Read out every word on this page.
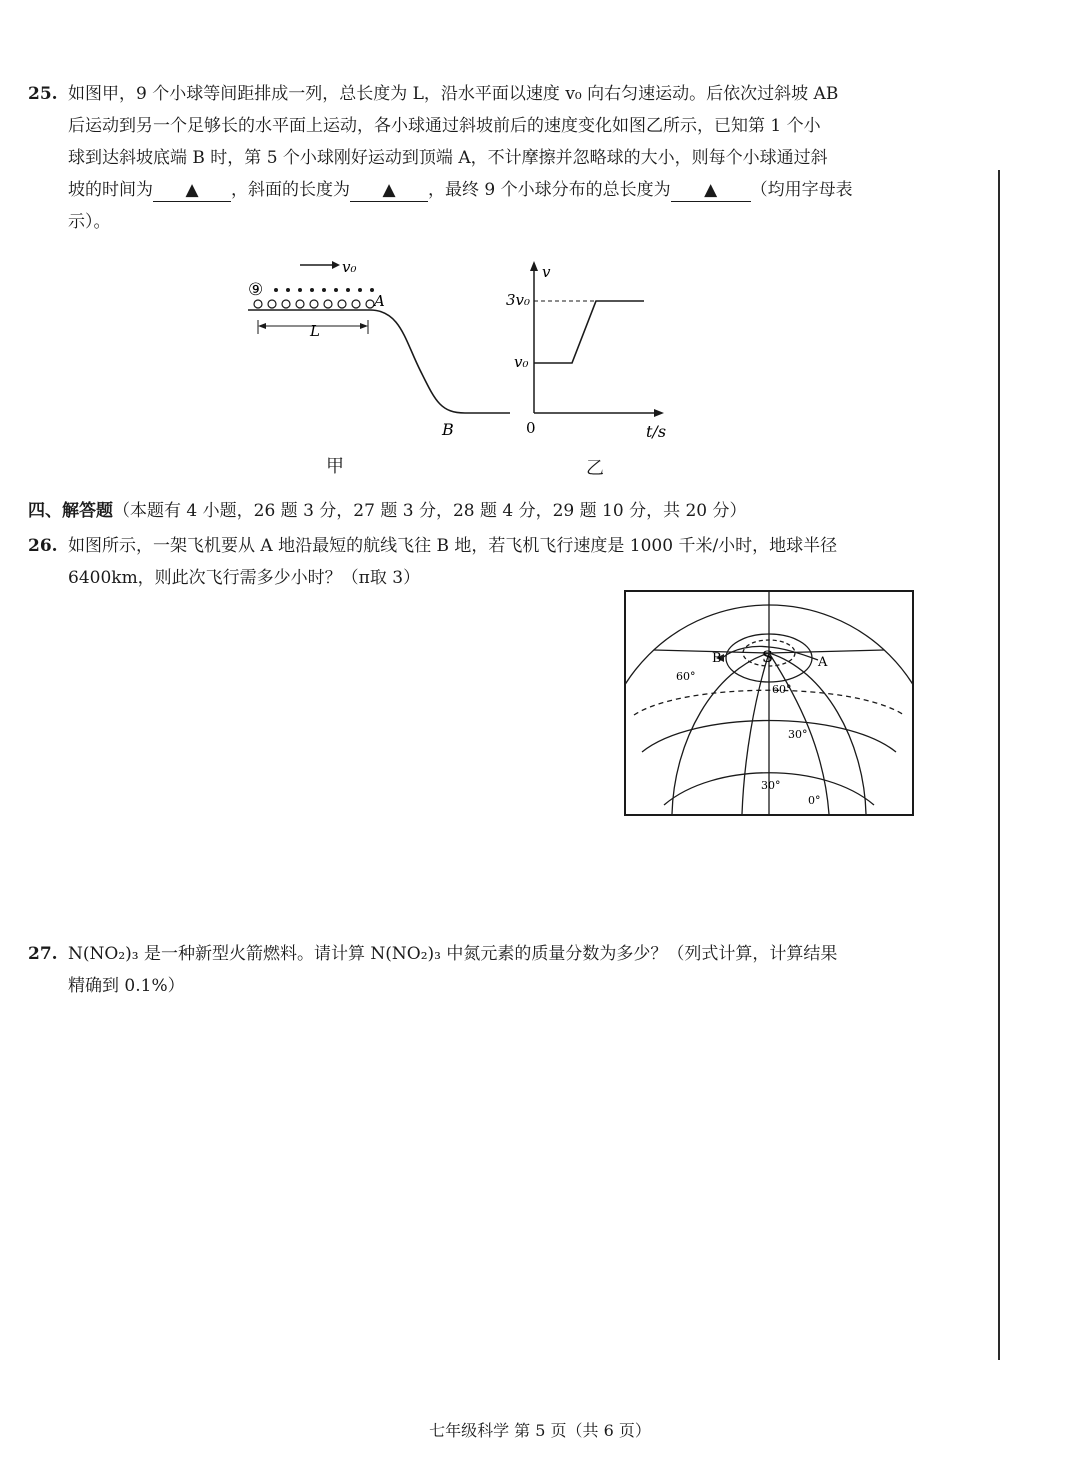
25. 如图甲，9 个小球等间距排成一列，总长度为 L，沿水平面以速度 v₀ 向右匀速运动。后依次过斜坡 AB
后运动到另一个足够长的水平面上运动，各小球通过斜坡前后的速度变化如图乙所示，已知第 1 个小
球到达斜坡底端 B 时，第 5 个小球刚好运动到顶端 A，不计摩擦并忽略球的大小，则每个小球通过斜
坡的时间为 ▲ ，斜面的长度为 ▲ ，最终 9 个小球分布的总长度为 ▲ （均用字母表
示）。
v₀
⑨
A
L
B
甲
v
t/s
0
3v₀
v₀
乙
四、解答题（本题有 4 小题，26 题 3 分，27 题 3 分，28 题 4 分，29 题 10 分，共 20 分）
26. 如图所示，一架飞机要从 A 地沿最短的航线飞往 B 地，若飞机飞行速度是 1000 千米/小时，地球半径
6400km，则此次飞行需多少小时？（π取 3）
S
B	A
60°
60°
30°
30°
0°
27. N(NO₂)₃ 是一种新型火箭燃料。请计算 N(NO₂)₃ 中氮元素的质量分数为多少？（列式计算，计算结果
精确到 0.1%）
七年级科学 第 5 页（共 6 页）
